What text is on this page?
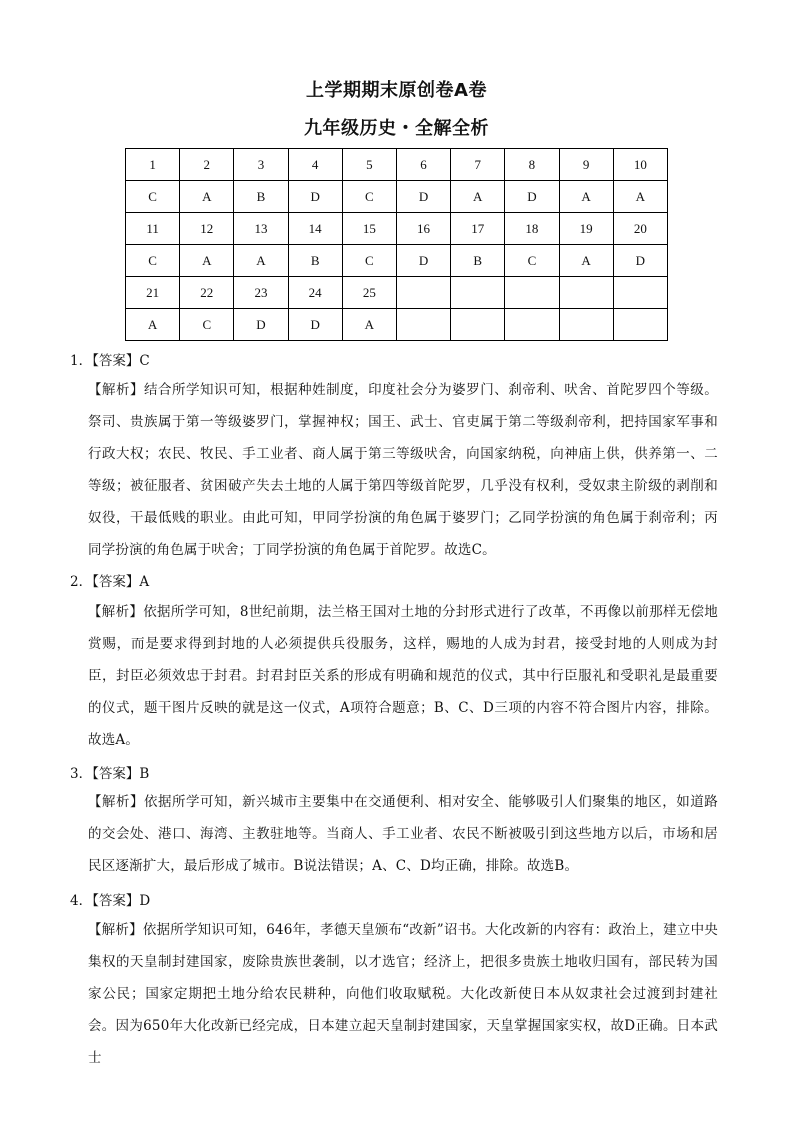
上学期期末原创卷A卷
九年级历史・全解全析
1	2	3	4	5	6	7	8	9	10
C	A	B	D	C	D	A	D	A	A
11	12	13	14	15	16	17	18	19	20
C	A	A	B	C	D	B	C	A	D
21	22	23	24	25					
A	C	D	D	A					
1．【答案】C
【解析】结合所学知识可知，根据种姓制度，印度社会分为婆罗门、刹帝利、吠舍、首陀罗四个等级。祭司、贵族属于第一等级婆罗门，掌握神权；国王、武士、官吏属于第二等级刹帝利，把持国家军事和行政大权；农民、牧民、手工业者、商人属于第三等级吠舍，向国家纳税，向神庙上供，供养第一、二等级；被征服者、贫困破产失去土地的人属于第四等级首陀罗，几乎没有权利，受奴隶主阶级的剥削和奴役，干最低贱的职业。由此可知，甲同学扮演的角色属于婆罗门；乙同学扮演的角色属于刹帝利；丙同学扮演的角色属于吠舍；丁同学扮演的角色属于首陀罗。故选C。
2．【答案】A
【解析】依据所学可知，8世纪前期，法兰格王国对土地的分封形式进行了改革，不再像以前那样无偿地赏赐，而是要求得到封地的人必须提供兵役服务，这样，赐地的人成为封君，接受封地的人则成为封臣，封臣必须效忠于封君。封君封臣关系的形成有明确和规范的仪式，其中行臣服礼和受职礼是最重要的仪式，题干图片反映的就是这一仪式，A项符合题意；B、C、D三项的内容不符合图片内容，排除。故选A。
3．【答案】B
【解析】依据所学可知，新兴城市主要集中在交通便利、相对安全、能够吸引人们聚集的地区，如道路的交会处、港口、海湾、主教驻地等。当商人、手工业者、农民不断被吸引到这些地方以后，市场和居民区逐渐扩大，最后形成了城市。B说法错误；A、C、D均正确，排除。故选B。
4．【答案】D
【解析】依据所学知识可知，646年，孝德天皇颁布“改新”诏书。大化改新的内容有：政治上，建立中央集权的天皇制封建国家，废除贵族世袭制，以才选官；经济上，把很多贵族土地收归国有，部民转为国家公民；国家定期把土地分给农民耕种，向他们收取赋税。大化改新使日本从奴隶社会过渡到封建社会。因为650年大化改新已经完成，日本建立起天皇制封建国家，天皇掌握国家实权，故D正确。日本武士
